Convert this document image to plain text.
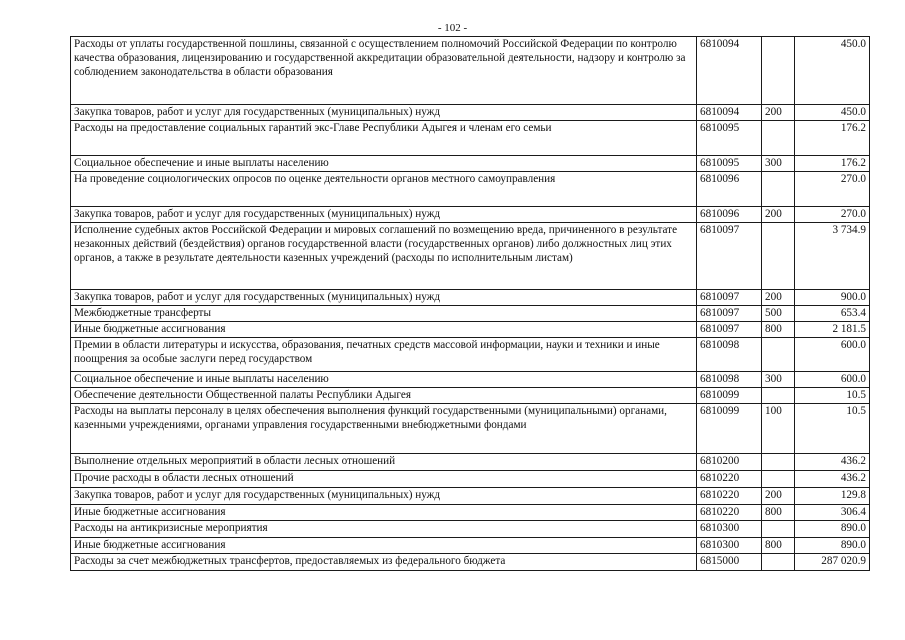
- 102 -
Расходы от уплаты государственной пошлины, связанной с осуществлением полномочий Российской Федерации по контролю качества образования, лицензированию и государственной аккредитации образовательной деятельности, надзору и контролю за соблюдением законодательства в области образования	6810094		450.0
Закупка товаров, работ и услуг для государственных (муниципальных) нужд	6810094	200	450.0
Расходы на предоставление социальных гарантий экс-Главе Республики Адыгея и членам его семьи	6810095		176.2
Социальное обеспечение и иные выплаты населению	6810095	300	176.2
На проведение социологических опросов по оценке деятельности органов местного самоуправления	6810096		270.0
Закупка товаров, работ и услуг для государственных (муниципальных) нужд	6810096	200	270.0
Исполнение судебных актов Российской Федерации и мировых соглашений по возмещению вреда, причиненного в результате незаконных действий (бездействия) органов государственной власти (государственных органов) либо должностных лиц этих органов, а также в результате деятельности казенных учреждений (расходы по исполнительным листам)	6810097		3 734.9
Закупка товаров, работ и услуг для государственных (муниципальных) нужд	6810097	200	900.0
Межбюджетные трансферты	6810097	500	653.4
Иные бюджетные ассигнования	6810097	800	2 181.5
Премии в области литературы и искусства, образования, печатных средств массовой информации, науки и техники и иные поощрения за особые заслуги перед государством	6810098		600.0
Социальное обеспечение и иные выплаты населению	6810098	300	600.0
Обеспечение деятельности Общественной палаты Республики Адыгея	6810099		10.5
Расходы на выплаты персоналу в целях обеспечения выполнения функций государственными (муниципальными) органами, казенными учреждениями, органами управления государственными внебюджетными фондами	6810099	100	10.5
Выполнение отдельных мероприятий в области лесных отношений	6810200		436.2
Прочие расходы в области лесных отношений	6810220		436.2
Закупка товаров, работ и услуг для государственных (муниципальных) нужд	6810220	200	129.8
Иные бюджетные ассигнования	6810220	800	306.4
Расходы на антикризисные мероприятия	6810300		890.0
Иные бюджетные ассигнования	6810300	800	890.0
Расходы за счет межбюджетных трансфертов, предоставляемых из федерального бюджета	6815000		287 020.9
